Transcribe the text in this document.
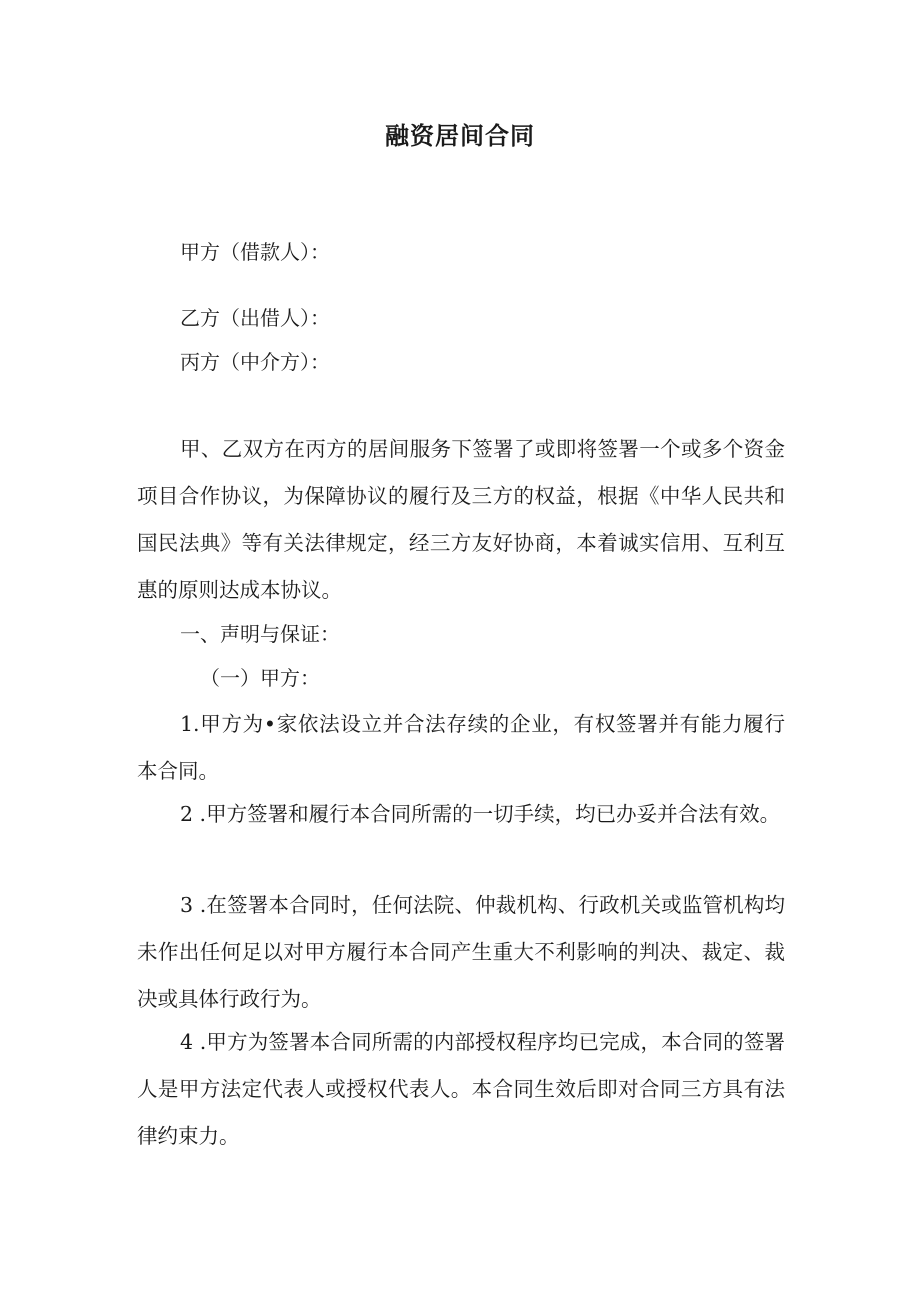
融资居间合同
甲方（借款人）：
乙方（出借人）：
丙方（中介方）：

甲、乙双方在丙方的居间服务下签署了或即将签署一个或多个资金项目合作协议，为保障协议的履行及三方的权益，根据《中华人民共和国民法典》等有关法律规定，经三方友好协商，本着诚实信用、互利互惠的原则达成本协议。

一、声明与保证：

（一）甲方：

1.甲方为•家依法设立并合法存续的企业，有权签署并有能力履行本合同。

2 .甲方签署和履行本合同所需的一切手续，均已办妥并合法有效。

3 .在签署本合同时，任何法院、仲裁机构、行政机关或监管机构均未作出任何足以对甲方履行本合同产生重大不利影响的判决、裁定、裁决或具体行政行为。

4 .甲方为签署本合同所需的内部授权程序均已完成，本合同的签署人是甲方法定代表人或授权代表人。本合同生效后即对合同三方具有法律约束力。
